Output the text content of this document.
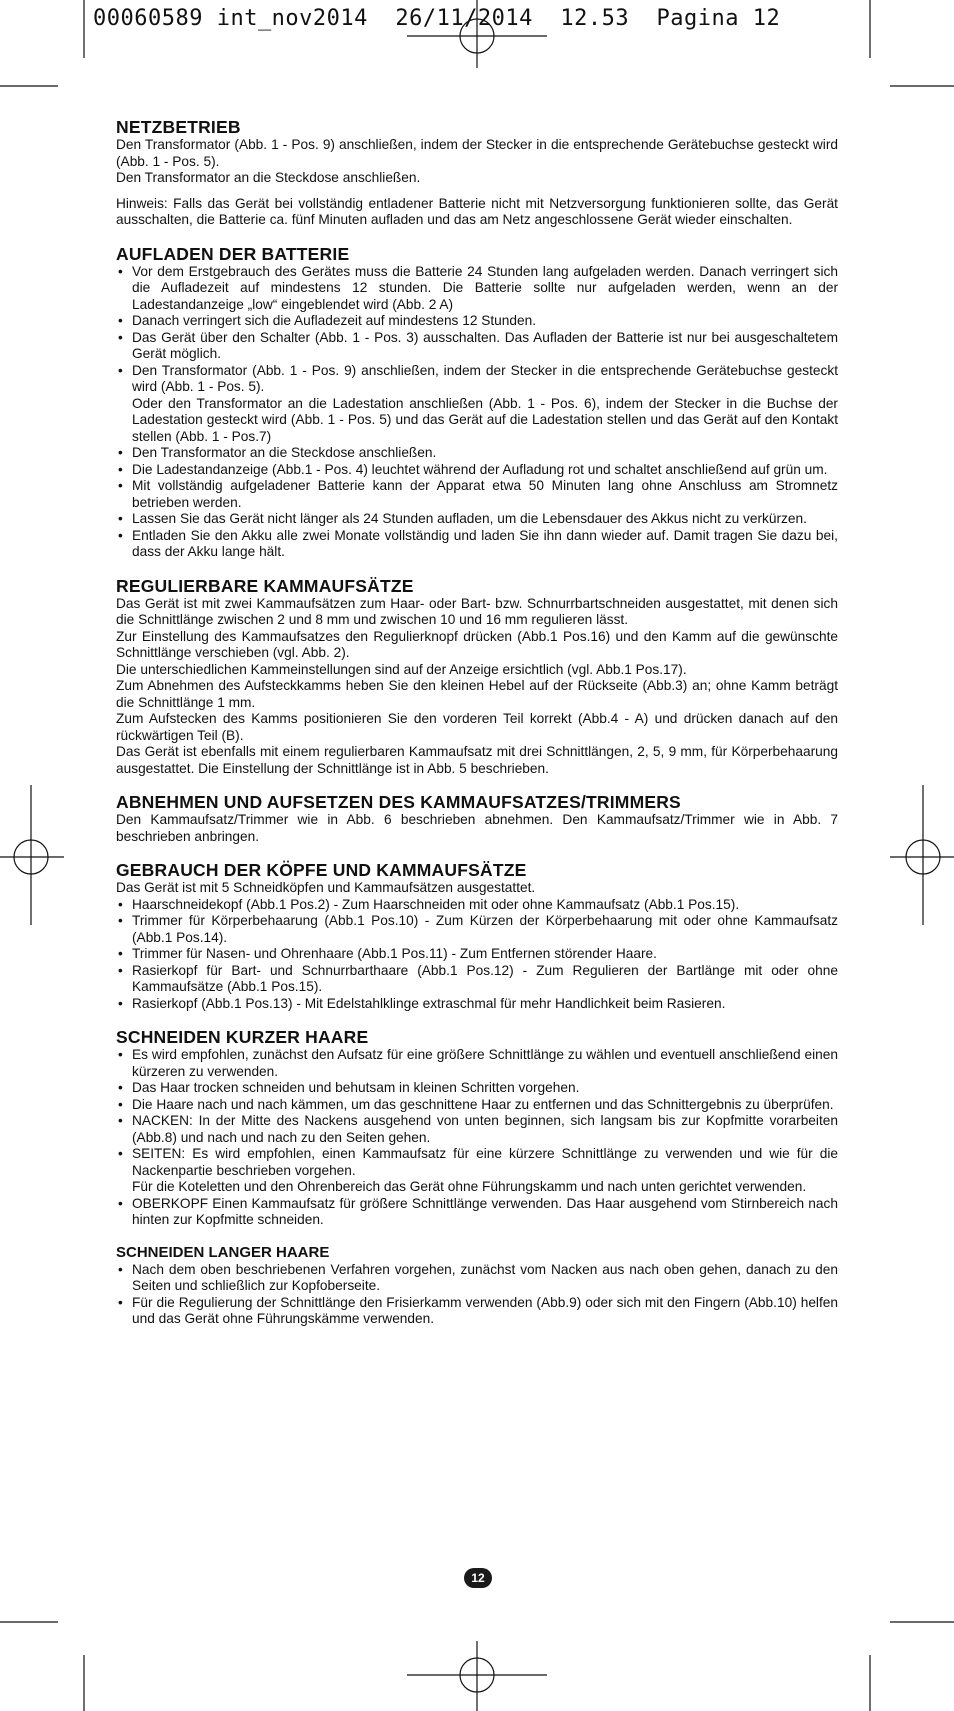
00060589 int_nov2014  26/11/2014  12.53  Pagina 12
NETZBETRIEB

Den Transformator (Abb. 1 - Pos. 9) anschließen, indem der Stecker in die entsprechende Gerätebuchse gesteckt wird (Abb. 1 - Pos. 5).

Den Transformator an die Steckdose anschließen.

Hinweis: Falls das Gerät bei vollständig entladener Batterie nicht mit Netzversorgung funktionieren sollte, das Gerät ausschalten, die Batterie ca. fünf Minuten aufladen und das am Netz angeschlossene Gerät wieder einschalten.

AUFLADEN DER BATTERIE
• Vor dem Erstgebrauch des Gerätes muss die Batterie 24 Stunden lang aufgeladen werden. Danach verringert sich die Aufladezeit auf mindestens 12 stunden. Die Batterie sollte nur aufgeladen werden, wenn an der Ladestandanzeige „low“ eingeblendet wird (Abb. 2 A)
• Danach verringert sich die Aufladezeit auf mindestens 12 Stunden.
• Das Gerät über den Schalter (Abb. 1 - Pos. 3) ausschalten. Das Aufladen der Batterie ist nur bei ausgeschaltetem Gerät möglich.
• Den Transformator (Abb. 1 - Pos. 9) anschließen, indem der Stecker in die entsprechende Gerätebuchse gesteckt wird (Abb. 1 - Pos. 5).
Oder den Transformator an die Ladestation anschließen (Abb. 1 - Pos. 6), indem der Stecker in die Buchse der Ladestation gesteckt wird (Abb. 1 - Pos. 5) und das Gerät auf die Ladestation stellen und das Gerät auf den Kontakt stellen (Abb. 1 - Pos.7)
• Den Transformator an die Steckdose anschließen.
• Die Ladestandanzeige (Abb.1 - Pos. 4) leuchtet während der Aufladung rot und schaltet anschließend auf grün um.
• Mit vollständig aufgeladener Batterie kann der Apparat etwa 50 Minuten lang ohne Anschluss am Stromnetz betrieben werden.
• Lassen Sie das Gerät nicht länger als 24 Stunden aufladen, um die Lebensdauer des Akkus nicht zu verkürzen.
• Entladen Sie den Akku alle zwei Monate vollständig und laden Sie ihn dann wieder auf. Damit tragen Sie dazu bei, dass der Akku lange hält.
REGULIERBARE KAMMAUFSÄTZE

Das Gerät ist mit zwei Kammaufsätzen zum Haar- oder Bart- bzw. Schnurrbartschneiden ausgestattet, mit denen sich die Schnittlänge zwischen 2 und 8 mm und zwischen 10 und 16 mm regulieren lässt.

Zur Einstellung des Kammaufsatzes den Regulierknopf drücken (Abb.1 Pos.16) und den Kamm auf die gewünschte Schnittlänge verschieben (vgl. Abb. 2).

Die unterschiedlichen Kammeinstellungen sind auf der Anzeige ersichtlich (vgl. Abb.1 Pos.17).

Zum Abnehmen des Aufsteckkamms heben Sie den kleinen Hebel auf der Rückseite (Abb.3) an; ohne Kamm beträgt die Schnittlänge 1 mm.

Zum Aufstecken des Kamms positionieren Sie den vorderen Teil korrekt (Abb.4 - A) und drücken danach auf den rückwärtigen Teil (B).

Das Gerät ist ebenfalls mit einem regulierbaren Kammaufsatz mit drei Schnittlängen, 2, 5, 9 mm, für Körperbehaarung ausgestattet. Die Einstellung der Schnittlänge ist in Abb. 5 beschrieben.

ABNEHMEN UND AUFSETZEN DES KAMMAUFSATZES/TRIMMERS

Den Kammaufsatz/Trimmer wie in Abb. 6 beschrieben abnehmen. Den Kammaufsatz/Trimmer wie in Abb. 7 beschrieben anbringen.

GEBRAUCH DER KÖPFE UND KAMMAUFSÄTZE

Das Gerät ist mit 5 Schneidköpfen und Kammaufsätzen ausgestattet.

• Haarschneidekopf (Abb.1 Pos.2) - Zum Haarschneiden mit oder ohne Kammaufsatz (Abb.1 Pos.15).
• Trimmer für Körperbehaarung (Abb.1 Pos.10) - Zum Kürzen der Körperbehaarung mit oder ohne Kammaufsatz (Abb.1 Pos.14).
• Trimmer für Nasen- und Ohrenhaare (Abb.1 Pos.11) - Zum Entfernen störender Haare.
• Rasierkopf für Bart- und Schnurrbarthaare (Abb.1 Pos.12) - Zum Regulieren der Bartlänge mit oder ohne Kammaufsätze (Abb.1 Pos.15).
• Rasierkopf (Abb.1 Pos.13) - Mit Edelstahlklinge extraschmal für mehr Handlichkeit beim Rasieren.
SCHNEIDEN KURZER HAARE
• Es wird empfohlen, zunächst den Aufsatz für eine größere Schnittlänge zu wählen und eventuell anschließend einen kürzeren zu verwenden.
• Das Haar trocken schneiden und behutsam in kleinen Schritten vorgehen.
• Die Haare nach und nach kämmen, um das geschnittene Haar zu entfernen und das Schnittergebnis zu überprüfen.
• NACKEN: In der Mitte des Nackens ausgehend von unten beginnen, sich langsam bis zur Kopfmitte vorarbeiten (Abb.8) und nach und nach zu den Seiten gehen.
• SEITEN: Es wird empfohlen, einen Kammaufsatz für eine kürzere Schnittlänge zu verwenden und wie für die Nackenpartie beschrieben vorgehen.
Für die Koteletten und den Ohrenbereich das Gerät ohne Führungskamm und nach unten gerichtet verwenden.
• OBERKOPF Einen Kammaufsatz für größere Schnittlänge verwenden. Das Haar ausgehend vom Stirnbereich nach hinten zur Kopfmitte schneiden.
SCHNEIDEN LANGER HAARE
• Nach dem oben beschriebenen Verfahren vorgehen, zunächst vom Nacken aus nach oben gehen, danach zu den Seiten und schließlich zur Kopfoberseite.
• Für die Regulierung der Schnittlänge den Frisierkamm verwenden (Abb.9) oder sich mit den Fingern (Abb.10) helfen und das Gerät ohne Führungskämme verwenden.
12
